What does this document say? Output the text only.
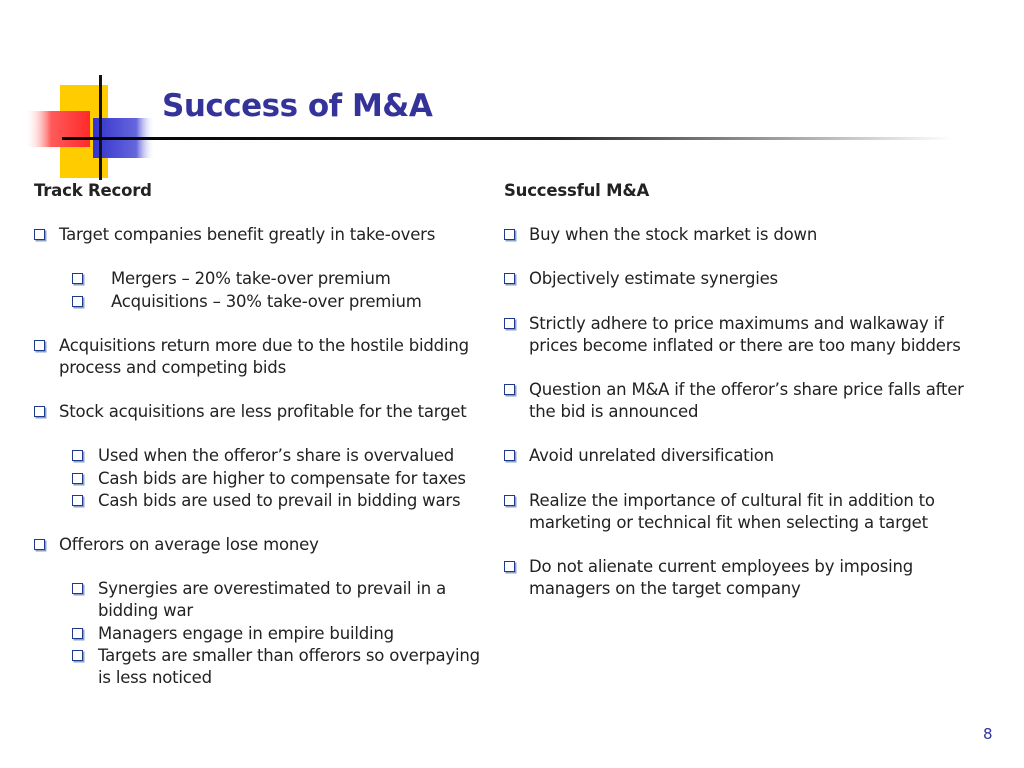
Success of M&A
Track Record
Target companies benefit greatly in take-overs
Mergers – 20% take-over premium
Acquisitions – 30% take-over premium
Acquisitions return more due to the hostile bidding process and competing bids
Stock acquisitions are less profitable for the target
Used when the offeror’s share is overvalued
Cash bids are higher to compensate for taxes
Cash bids are used to prevail in bidding wars
Offerors on average lose money
Synergies are overestimated to prevail in a bidding war
Managers engage in empire building
Targets are smaller than offerors so overpaying is less noticed
Successful M&A
Buy when the stock market is down
Objectively estimate synergies
Strictly adhere to price maximums and walkaway if prices become inflated or there are too many bidders
Question an M&A if the offeror’s share price falls after the bid is announced
Avoid unrelated diversification
Realize the importance of cultural fit in addition to marketing or technical fit when selecting a target
Do not alienate current employees by imposing managers on the target company
8
